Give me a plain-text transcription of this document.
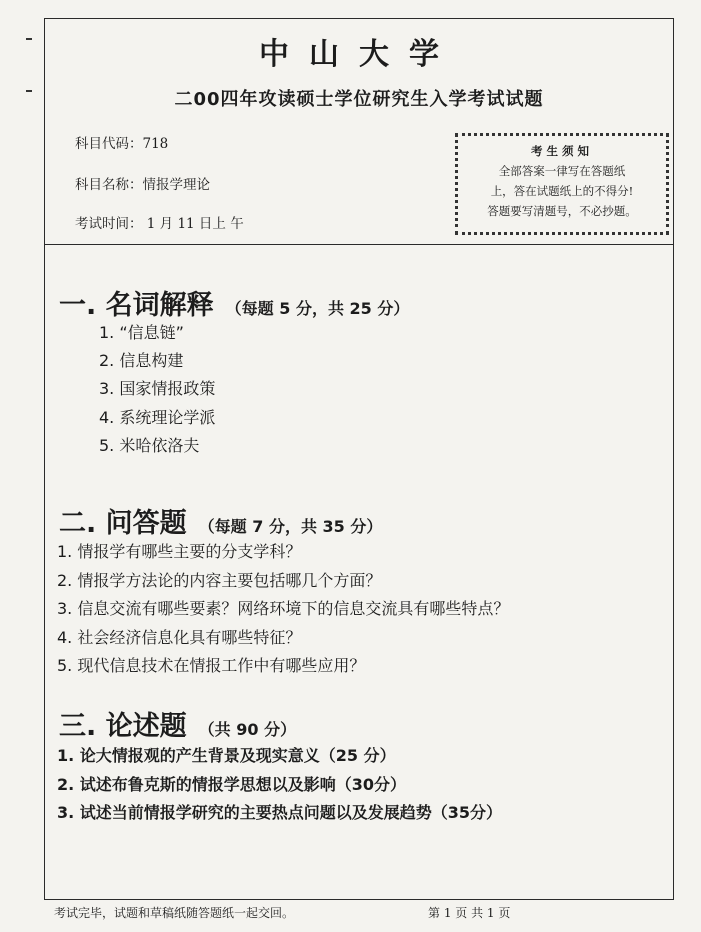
中山大学
二00四年攻读硕士学位研究生入学考试试题
科目代码：718
科目名称：情报学理论
考试时间： 1 月 11 日上 午
考生须知
全部答案一律写在答题纸
上，答在试题纸上的不得分!
答题要写清题号，不必抄题。
一. 名词解释 （每题 5 分，共 25 分）
1. “信息链”
2. 信息构建
3. 国家情报政策
4. 系统理论学派
5. 米哈依洛夫
二. 问答题 （每题 7 分，共 35 分）
1. 情报学有哪些主要的分支学科？
2. 情报学方法论的内容主要包括哪几个方面？
3. 信息交流有哪些要素？网络环境下的信息交流具有哪些特点？
4. 社会经济信息化具有哪些特征？
5. 现代信息技术在情报工作中有哪些应用？
三. 论述题 （共 90 分）
1. 论大情报观的产生背景及现实意义（25 分）
2. 试述布鲁克斯的情报学思想以及影响（30分）
3. 试述当前情报学研究的主要热点问题以及发展趋势（35分）
考试完毕，试题和草稿纸随答题纸一起交回。	第 1 页 共 1 页
